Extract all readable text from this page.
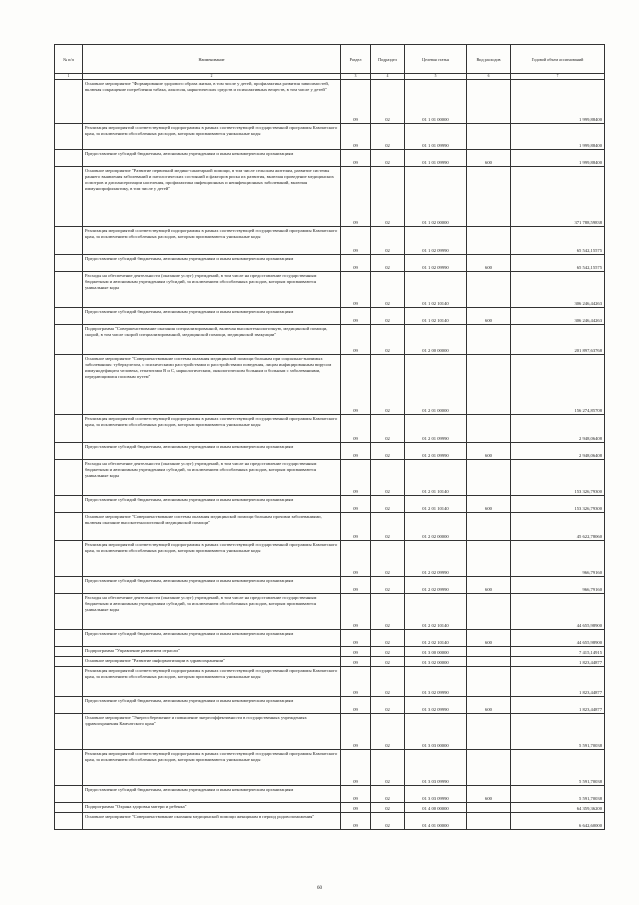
№ п/п	Наименование	Раздел	Подраздел	Целевая статья	Вид расходов	Годовой объем ассигнований
1	2	3	4	5	6	7
	Основное мероприятие "Формирование здорового образа жизни, в том числе у детей, профилактика развития зависимостей, включая сокращение потребления табака, алкоголя, наркотических средств и психоактивных веществ, в том числе у детей"	09	02	01 1 01 00000		1 999,88400
	Реализация мероприятий соответствующей подпрограммы в рамках соответствующей государственной программы Камчатского края, за исключением обособленных расходов, которым присваиваются уникальные коды	09	02	01 1 01 09990		1 999,88400
	Предоставление субсидий бюджетным, автономным учреждениям и иным некоммерческим организациям	09	02	01 1 01 09990	600	1 999,88400
	Основное мероприятие "Развитие первичной медико-санитарной помощи, в том числе сельским жителям, развитие системы раннего выявления заболеваний и патологических состояний и факторов риска их развития, включая проведение медицинских осмотров и диспансеризации населения, профилактика инфекционных и неинфекционных заболеваний, включая иммунопрофилактику, в том числе у детей"	09	02	01 1 02 00000		371 788,59838
	Реализация мероприятий соответствующей подпрограммы в рамках соответствующей государственной программы Камчатского края, за исключением обособленных расходов, которым присваиваются уникальные коды	09	02	01 1 02 09990		65 542,15575
	Предоставление субсидий бюджетным, автономным учреждениям и иным некоммерческим организациям	09	02	01 1 02 09990	600	65 542,15575
	Расходы на обеспечение деятельности (оказание услуг) учреждений, в том числе на предоставление государственным бюджетным и автономным учреждениям субсидий, за исключением обособленных расходов, которым присваиваются уникальные коды	09	02	01 1 02 10140		306 246,44263
	Предоставление субсидий бюджетным, автономным учреждениям и иным некоммерческим организациям	09	02	01 1 02 10140	600	306 246,44263
	Подпрограмма "Совершенствование оказания специализированной, включая высокотехнологичную, медицинской помощи, скорой, в том числе скорой специализированной, медицинской помощи, медицинской эвакуации"	09	02	01 2 00 00000		201 897,63768
	Основное мероприятие "Совершенствование системы оказания медицинской помощи больным при социально-значимых заболеваниях: туберкулезом, с психическими расстройствами и расстройствами поведения, лицам инфицированным вирусом иммунодефицита человека, гепатитами В и С, наркологическим, онкологическим больным и больным с заболеваниями, передающимися половым путем"	09	02	01 2 01 00000		156 274,85708
	Реализация мероприятий соответствующей подпрограммы в рамках соответствующей государственной программы Камчатского края, за исключением обособленных расходов, которым присваиваются уникальные коды	09	02	01 2 01 09990		2 948,06408
	Предоставление субсидий бюджетным, автономным учреждениям и иным некоммерческим организациям	09	02	01 2 01 09990	600	2 948,06408
	Расходы на обеспечение деятельности (оказание услуг) учреждений, в том числе на предоставление государственным бюджетным и автономным учреждениям субсидий, за исключением обособленных расходов, которым присваиваются уникальные коды	09	02	01 2 01 10140		153 326,79300
	Предоставление субсидий бюджетным, автономным учреждениям и иным некоммерческим организациям	09	02	01 2 01 10140	600	153 326,79300
	Основное мероприятие "Совершенствование системы оказания медицинской помощи больным прочими заболеваниями, включая оказание высокотехнологичной медицинской помощи"	09	02	01 2 02 00000		45 622,78060
	Реализация мероприятий соответствующей подпрограммы в рамках соответствующей государственной программы Камчатского края, за исключением обособленных расходов, которым присваиваются уникальные коды	09	02	01 2 02 09990		966,79160
	Предоставление субсидий бюджетным, автономным учреждениям и иным некоммерческим организациям	09	02	01 2 02 09990	600	966,79160
	Расходы на обеспечение деятельности (оказание услуг) учреждений, в том числе на предоставление государственным бюджетным и автономным учреждениям субсидий, за исключением обособленных расходов, которым присваиваются уникальные коды	09	02	01 2 02 10140		44 655,98900
	Предоставление субсидий бюджетным, автономным учреждениям и иным некоммерческим организациям	09	02	01 2 02 10140	600	44 655,98900
	Подпрограмма "Управление развитием отрасли"	09	02	01 3 00 00000		7 415,14915
	Основное мероприятие "Развитие информатизации в здравоохранении"	09	02	01 3 02 00000		1 823,44877
	Реализация мероприятий соответствующей подпрограммы в рамках соответствующей государственной программы Камчатского края, за исключением обособленных расходов, которым присваиваются уникальные коды	09	02	01 3 02 09990		1 823,44877
	Предоставление субсидий бюджетным, автономным учреждениям и иным некоммерческим организациям	09	02	01 3 02 09990	600	1 823,44877
	Основное мероприятие "Энергосбережение и повышение энергоэффективности в государственных учреждениях здравоохранения Камчатского края"	09	02	01 3 03 00000		5 591,70038
	Реализация мероприятий соответствующей подпрограммы в рамках соответствующей государственной программы Камчатского края, за исключением обособленных расходов, которым присваиваются уникальные коды	09	02	01 3 03 09990		5 591,70038
	Предоставление субсидий бюджетным, автономным учреждениям и иным некоммерческим организациям	09	02	01 3 03 09990	600	5 591,70038
	Подпрограмма "Охрана здоровья матери и ребенка"	09	02	01 4 00 00000		64 359,36200
	Основное мероприятие "Совершенствование оказания медицинской помощи женщинам в период родовспоможения"	09	02	01 4 01 00000		6 642,60000
60
